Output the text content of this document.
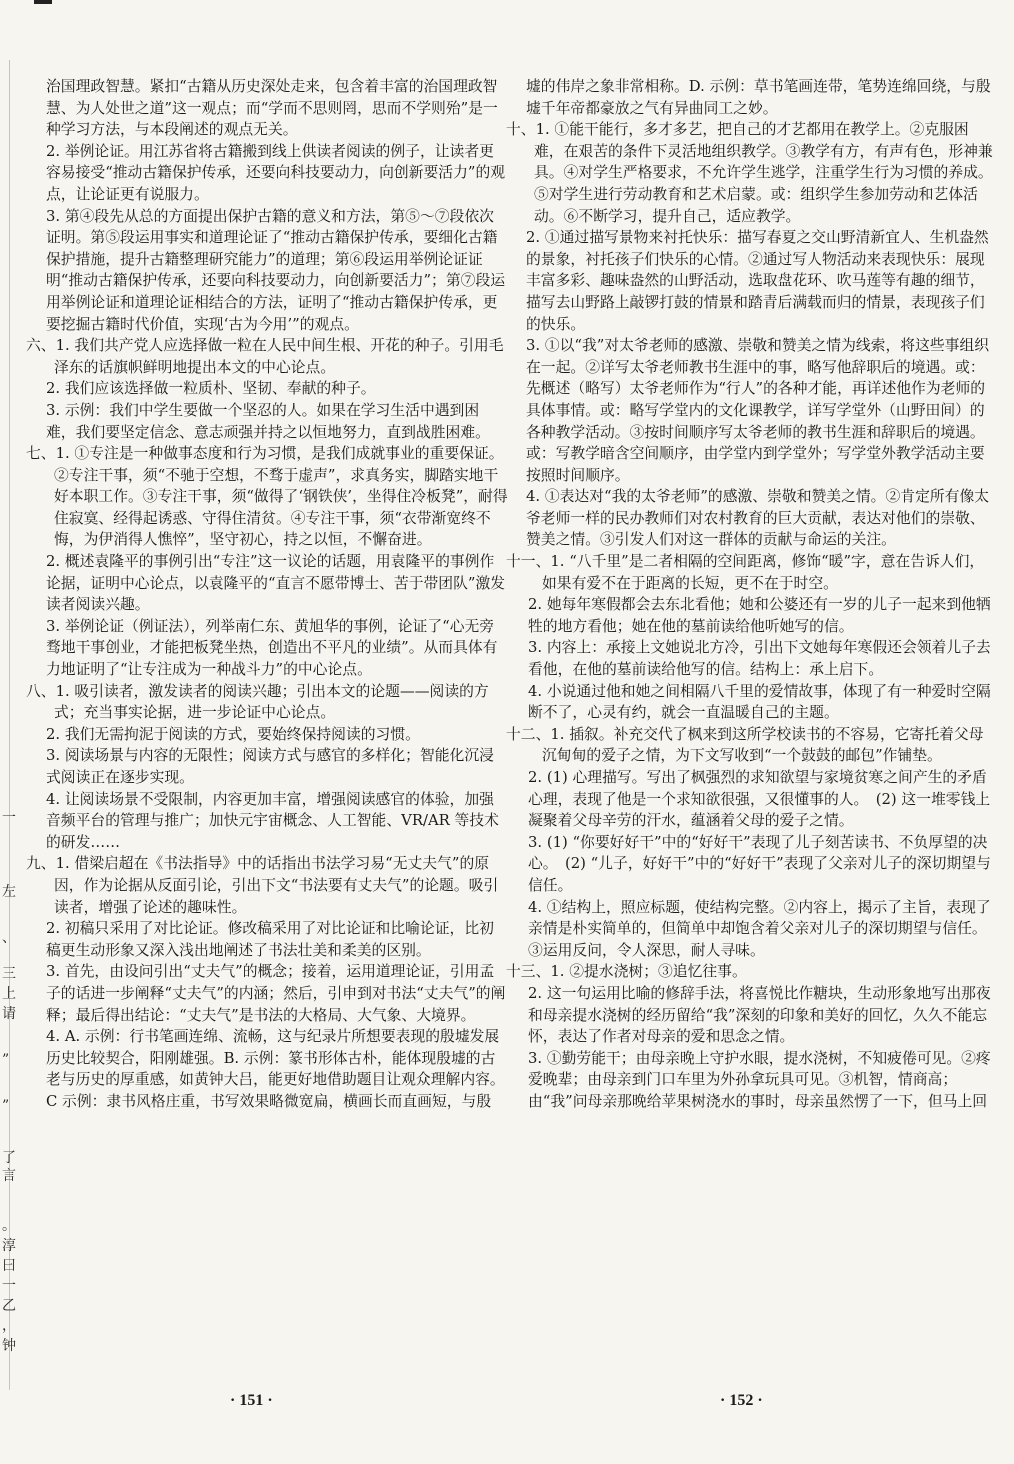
一
左
、
三
上
请
”
”
了
言
。
淳
曰
一
乙
，
钟

治国理政智慧。紧扣“古籍从历史深处走来，包含着丰富的治国理政智慧、为人处世之道”这一观点；而“学而不思则罔，思而不学则殆”是一种学习方法，与本段阐述的观点无关。

2. 举例论证。用江苏省将古籍搬到线上供读者阅读的例子，让读者更容易接受“推动古籍保护传承，还要向科技要动力，向创新要活力”的观点，让论证更有说服力。

3. 第④段先从总的方面提出保护古籍的意义和方法，第⑤～⑦段依次证明。第⑤段运用事实和道理论证了“推动古籍保护传承，要细化古籍保护措施，提升古籍整理研究能力”的道理；第⑥段运用举例论证证明“推动古籍保护传承，还要向科技要动力，向创新要活力”；第⑦段运用举例论证和道理论证相结合的方法，证明了“推动古籍保护传承，更要挖掘古籍时代价值，实现‘古为今用’”的观点。

六、1. 我们共产党人应选择做一粒在人民中间生根、开花的种子。引用毛泽东的话旗帜鲜明地提出本文的中心论点。

2. 我们应该选择做一粒质朴、坚韧、奉献的种子。

3. 示例：我们中学生要做一个坚忍的人。如果在学习生活中遇到困难，我们要坚定信念、意志顽强并持之以恒地努力，直到战胜困难。

七、1. ①专注是一种做事态度和行为习惯，是我们成就事业的重要保证。②专注干事，须“不驰于空想，不骛于虚声”，求真务实，脚踏实地干好本职工作。③专注干事，须“做得了‘钢铁侠’，坐得住冷板凳”，耐得住寂寞、经得起诱惑、守得住清贫。④专注干事，须“衣带渐宽终不悔，为伊消得人憔悴”，坚守初心，持之以恒，不懈奋进。

2. 概述袁隆平的事例引出“专注”这一议论的话题，用袁隆平的事例作论据，证明中心论点，以袁隆平的“直言不愿带博士、苦于带团队”激发读者阅读兴趣。

3. 举例论证（例证法），列举南仁东、黄旭华的事例，论证了“心无旁骛地干事创业，才能把板凳坐热，创造出不平凡的业绩”。从而具体有力地证明了“让专注成为一种战斗力”的中心论点。

八、1. 吸引读者，激发读者的阅读兴趣；引出本文的论题——阅读的方式；充当事实论据，进一步论证中心论点。

2. 我们无需拘泥于阅读的方式，要始终保持阅读的习惯。

3. 阅读场景与内容的无限性；阅读方式与感官的多样化；智能化沉浸式阅读正在逐步实现。

4. 让阅读场景不受限制，内容更加丰富，增强阅读感官的体验，加强音频平台的管理与推广；加快元宇宙概念、人工智能、VR/AR 等技术的研发……

九、1. 借梁启超在《书法指导》中的话指出书法学习易“无丈夫气”的原因，作为论据从反面引论，引出下文“书法要有丈夫气”的论题。吸引读者，增强了论述的趣味性。

2. 初稿只采用了对比论证。修改稿采用了对比论证和比喻论证，比初稿更生动形象又深入浅出地阐述了书法壮美和柔美的区别。

3. 首先，由设问引出“丈夫气”的概念；接着，运用道理论证，引用孟子的话进一步阐释“丈夫气”的内涵；然后，引申到对书法“丈夫气”的阐释；最后得出结论：“丈夫气”是书法的大格局、大气象、大境界。

4. A. 示例：行书笔画连绵、流畅，这与纪录片所想要表现的殷墟发展历史比较契合，阳刚雄强。B. 示例：篆书形体古朴，能体现殷墟的古老与历史的厚重感，如黄钟大吕，能更好地借助题目让观众理解内容。C 示例：隶书风格庄重，书写效果略微宽扁，横画长而直画短，与殷

墟的伟岸之象非常相称。D. 示例：草书笔画连带，笔势连绵回绕，与殷墟千年帝都豪放之气有异曲同工之妙。

十、1. ①能干能行，多才多艺，把自己的才艺都用在教学上。②克服困难，在艰苦的条件下灵活地组织教学。③教学有方，有声有色，形神兼具。④对学生严格要求，不允许学生逃学，注重学生行为习惯的养成。⑤对学生进行劳动教育和艺术启蒙。或：组织学生参加劳动和艺体活动。⑥不断学习，提升自己，适应教学。

2. ①通过描写景物来衬托快乐：描写春夏之交山野清新宜人、生机盎然的景象，衬托孩子们快乐的心情。②通过写人物活动来表现快乐：展现丰富多彩、趣味盎然的山野活动，选取盘花环、吹马莲等有趣的细节，描写去山野路上敲锣打鼓的情景和踏青后满载而归的情景，表现孩子们的快乐。

3. ①以“我”对太爷老师的感激、崇敬和赞美之情为线索，将这些事组织在一起。②详写太爷老师教书生涯中的事，略写他辞职后的境遇。或：先概述（略写）太爷老师作为“行人”的各种才能，再详述他作为老师的具体事情。或：略写学堂内的文化课教学，详写学堂外（山野田间）的各种教学活动。③按时间顺序写太爷老师的教书生涯和辞职后的境遇。或：写教学暗含空间顺序，由学堂内到学堂外；写学堂外教学活动主要按照时间顺序。

4. ①表达对“我的太爷老师”的感激、崇敬和赞美之情。②肯定所有像太爷老师一样的民办教师们对农村教育的巨大贡献，表达对他们的崇敬、赞美之情。③引发人们对这一群体的贡献与命运的关注。

十一、1. “八千里”是二者相隔的空间距离，修饰“暖”字，意在告诉人们，如果有爱不在于距离的长短，更不在于时空。

2. 她每年寒假都会去东北看他；她和公婆还有一岁的儿子一起来到他牺牲的地方看他；她在他的墓前读给他听她写的信。

3. 内容上：承接上文她说北方冷，引出下文她每年寒假还会领着儿子去看他，在他的墓前读给他写的信。结构上：承上启下。

4. 小说通过他和她之间相隔八千里的爱情故事，体现了有一种爱时空隔断不了，心灵有约，就会一直温暖自己的主题。

十二、1. 插叙。补充交代了枫来到这所学校读书的不容易，它寄托着父母沉甸甸的爱子之情，为下文写收到“一个鼓鼓的邮包”作铺垫。

2. (1) 心理描写。写出了枫强烈的求知欲望与家境贫寒之间产生的矛盾心理，表现了他是一个求知欲很强，又很懂事的人。　(2) 这一堆零钱上凝聚着父母辛劳的汗水，蕴涵着父母的爱子之情。

3. (1) “你要好好干”中的“好好干”表现了儿子刻苦读书、不负厚望的决心。　(2) “儿子，好好干”中的“好好干”表现了父亲对儿子的深切期望与信任。

4. ①结构上，照应标题，使结构完整。②内容上，揭示了主旨，表现了亲情是朴实简单的，但简单中却饱含着父亲对儿子的深切期望与信任。③运用反问，令人深思，耐人寻味。

十三、1. ②提水浇树；③追忆往事。

2. 这一句运用比喻的修辞手法，将喜悦比作糖块，生动形象地写出那夜和母亲提水浇树的经历留给“我”深刻的印象和美好的回忆，久久不能忘怀，表达了作者对母亲的爱和思念之情。

3. ①勤劳能干；由母亲晚上守护水眼，提水浇树，不知疲倦可见。②疼爱晚辈；由母亲到门口车里为外孙拿玩具可见。③机智，情商高；由“我”问母亲那晚给苹果树浇水的事时，母亲虽然愣了一下，但马上回

· 151 ·	· 152 ·
